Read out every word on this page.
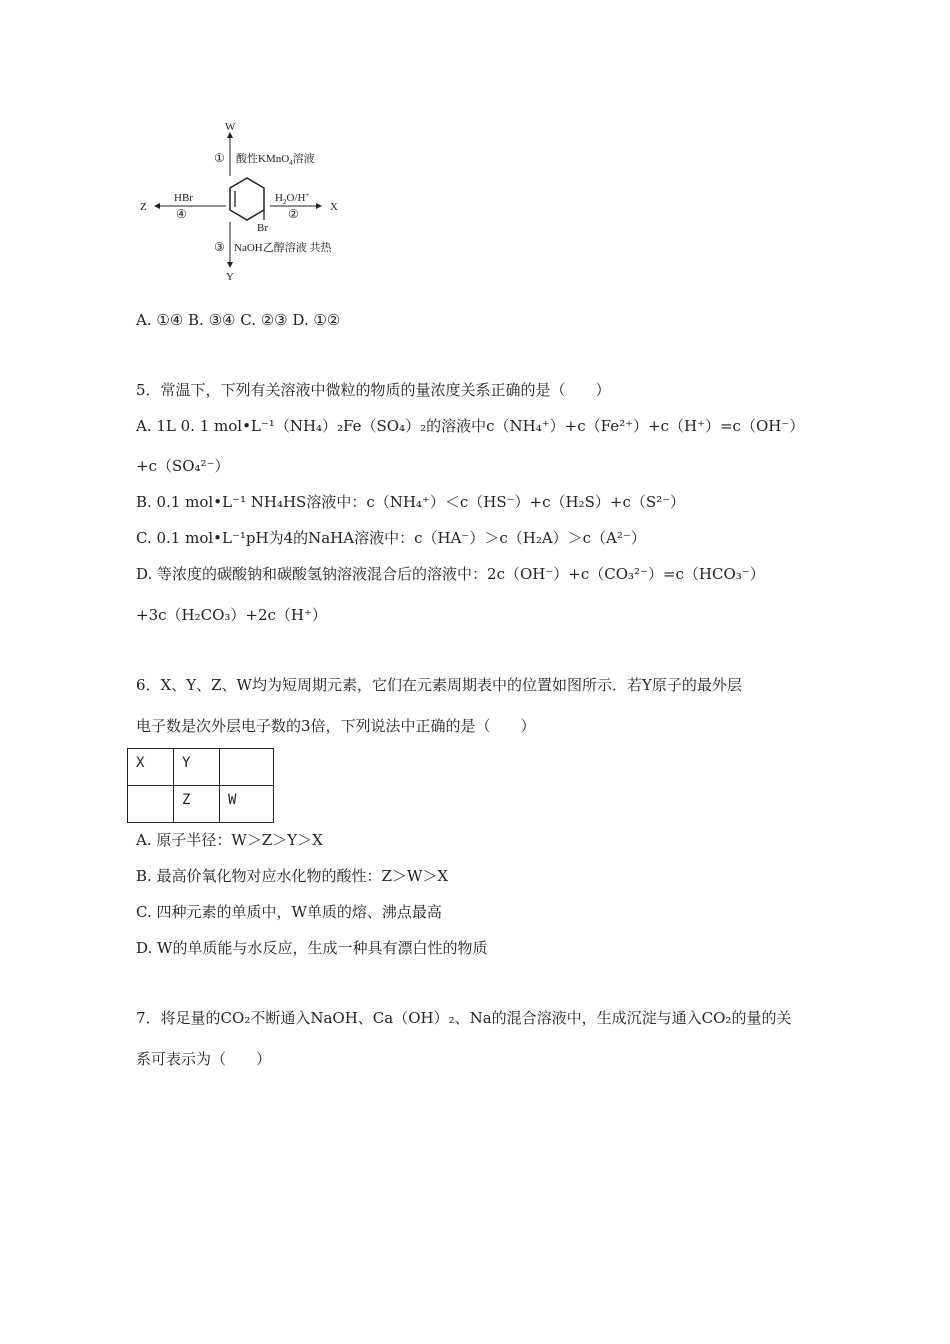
Br
W
① 酸性KMnO$_4$溶液
Z
HBr
④	X
$H_2O/H^+$
②
③ NaOH乙醇溶液 共热
Y
A. ①④ B. ③④ C. ②③ D. ①②
5．常温下，下列有关溶液中微粒的物质的量浓度关系正确的是（　　）
A. 1L 0. 1 mol•L⁻¹（NH₄）₂Fe（SO₄）₂的溶液中c（NH₄⁺）+c（Fe²⁺）+c（H⁺）=c（OH⁻）
+c（SO₄²⁻）
B. 0.1 mol•L⁻¹ NH₄HS溶液中：c（NH₄⁺）＜c（HS⁻）+c（H₂S）+c（S²⁻）
C. 0.1 mol•L⁻¹pH为4的NaHA溶液中：c（HA⁻）＞c（H₂A）＞c（A²⁻）
D. 等浓度的碳酸钠和碳酸氢钠溶液混合后的溶液中：2c（OH⁻）+c（CO₃²⁻）=c（HCO₃⁻）
+3c（H₂CO₃）+2c（H⁺）
6．X、Y、Z、W均为短周期元素，它们在元素周期表中的位置如图所示．若Y原子的最外层
电子数是次外层电子数的3倍，下列说法中正确的是（　　）
X	Y	
	Z	W
A. 原子半径：W＞Z＞Y＞X
B. 最高价氧化物对应水化物的酸性：Z＞W＞X
C. 四种元素的单质中，W单质的熔、沸点最高
D. W的单质能与水反应，生成一种具有漂白性的物质
7．将足量的CO₂不断通入NaOH、Ca（OH）₂、Na的混合溶液中，生成沉淀与通入CO₂的量的关
系可表示为（　　）
